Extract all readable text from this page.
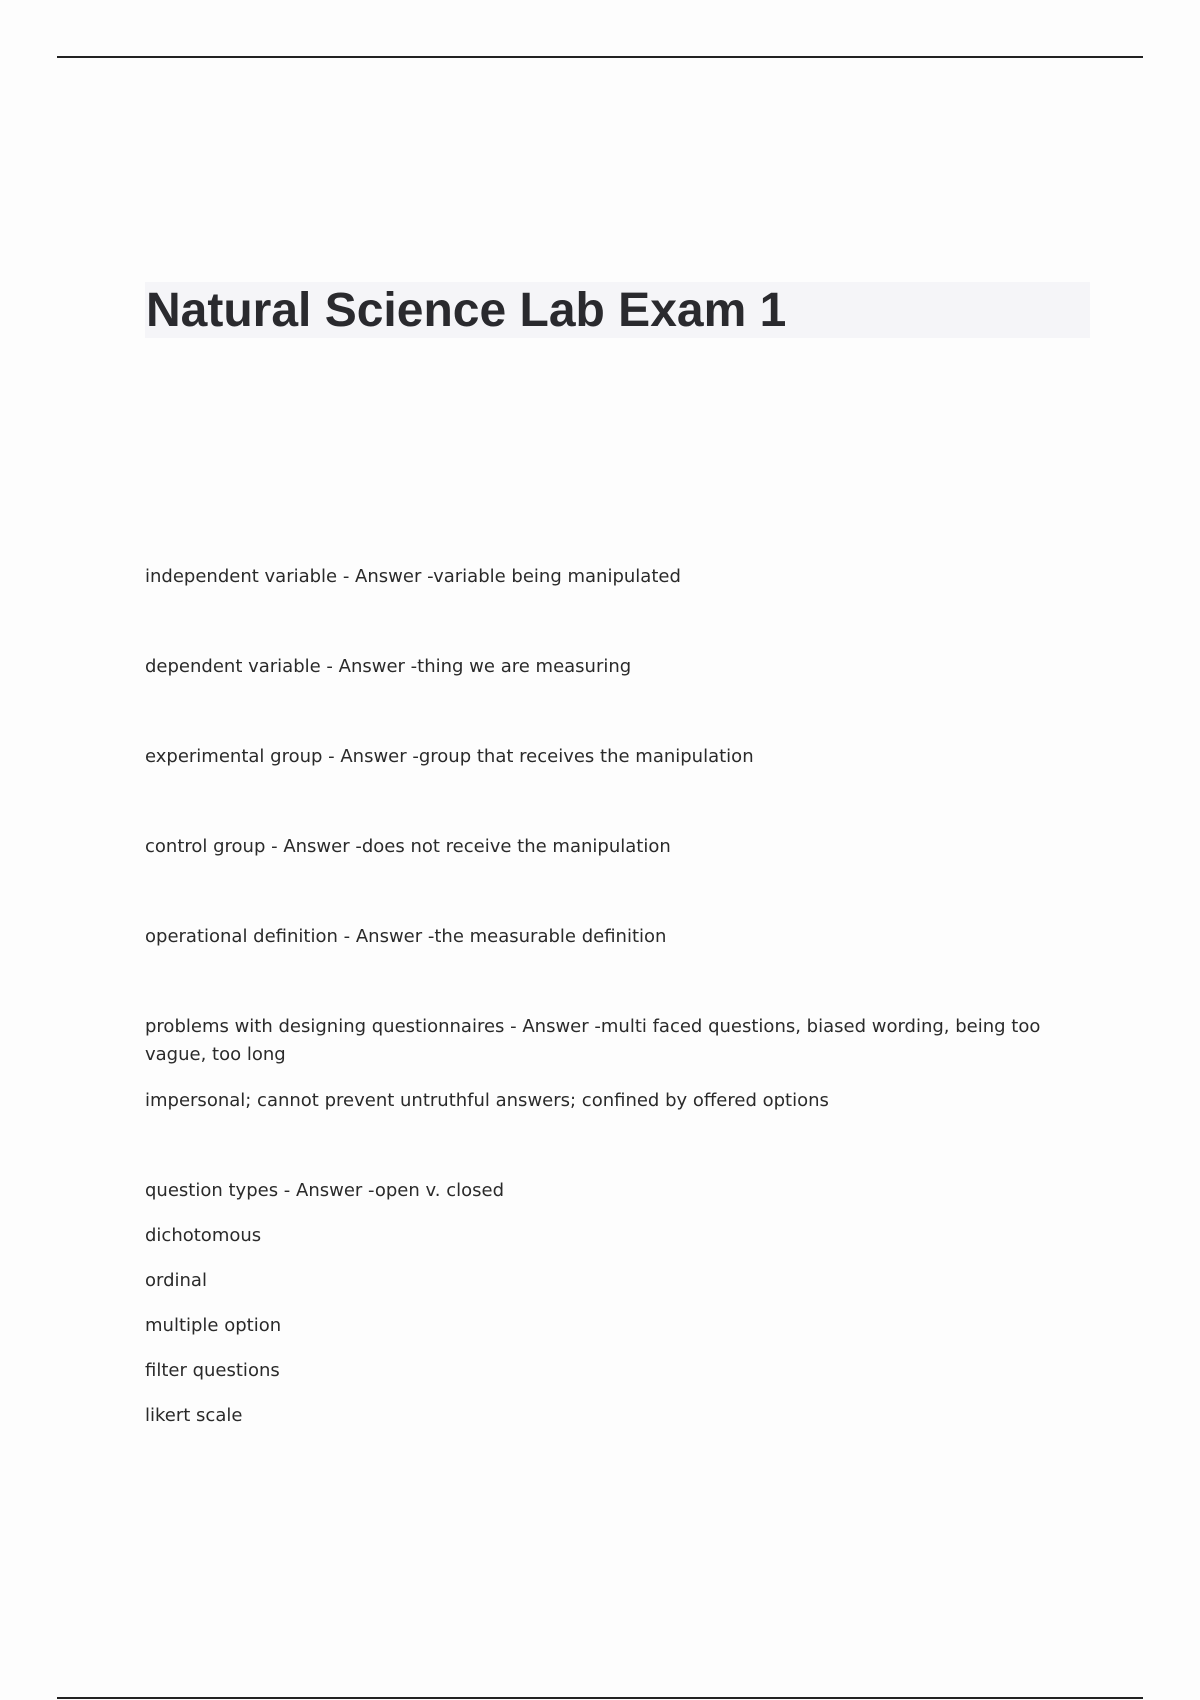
Natural Science Lab Exam 1

independent variable - Answer -variable being manipulated

dependent variable - Answer -thing we are measuring

experimental group - Answer -group that receives the manipulation

control group - Answer -does not receive the manipulation

operational definition - Answer -the measurable definition

problems with designing questionnaires - Answer -multi faced questions, biased wording, being too vague, too long

impersonal; cannot prevent untruthful answers; confined by offered options

question types - Answer -open v. closed

dichotomous

ordinal

multiple option

filter questions

likert scale
